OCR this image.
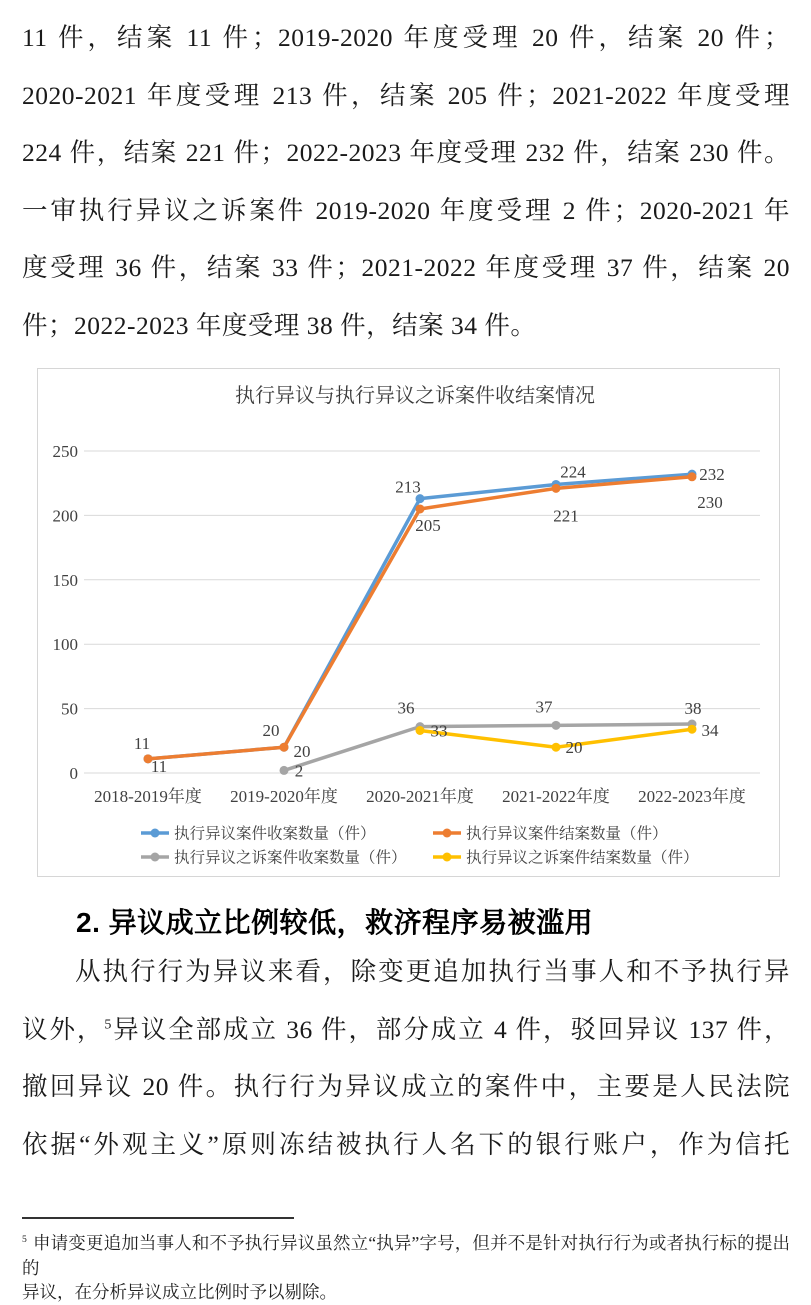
11 件，结案 11 件；2019-2020 年度受理 20 件，结案 20 件；
2020-2021 年度受理 213 件，结案 205 件；2021-2022 年度受理
224 件，结案 221 件；2022-2023 年度受理 232 件，结案 230 件。
一审执行异议之诉案件 2019-2020 年度受理 2 件；2020-2021 年
度受理 36 件，结案 33 件；2021-2022 年度受理 37 件，结案 20
件；2022-2023 年度受理 38 件，结案 34 件。
0
50
100
150
200
250
2018-2019年度 2019-2020年度 2020-2021年度 2021-2022年度 2022-2023年度
执行异议与执行异议之诉案件收结案情况
11
20
213
224	232
11
20
205
221
230
2
36	37	38
33
20
34
执行异议案件收案数量（件）	执行异议案件结案数量（件）
执行异议之诉案件收案数量（件）	执行异议之诉案件结案数量（件）
2. 异议成立比例较低，救济程序易被滥用
从执行行为异议来看，除变更追加执行当事人和不予执行异
议外，$^5$异议全部成立 36 件，部分成立 4 件，驳回异议 137 件，
撤回异议 20 件。执行行为异议成立的案件中，主要是人民法院
依据“外观主义”原则冻结被执行人名下的银行账户，作为信托
$^5$ 申请变更追加当事人和不予执行异议虽然立“执异”字号，但并不是针对执行行为或者执行标的提出的
异议，在分析异议成立比例时予以剔除。
